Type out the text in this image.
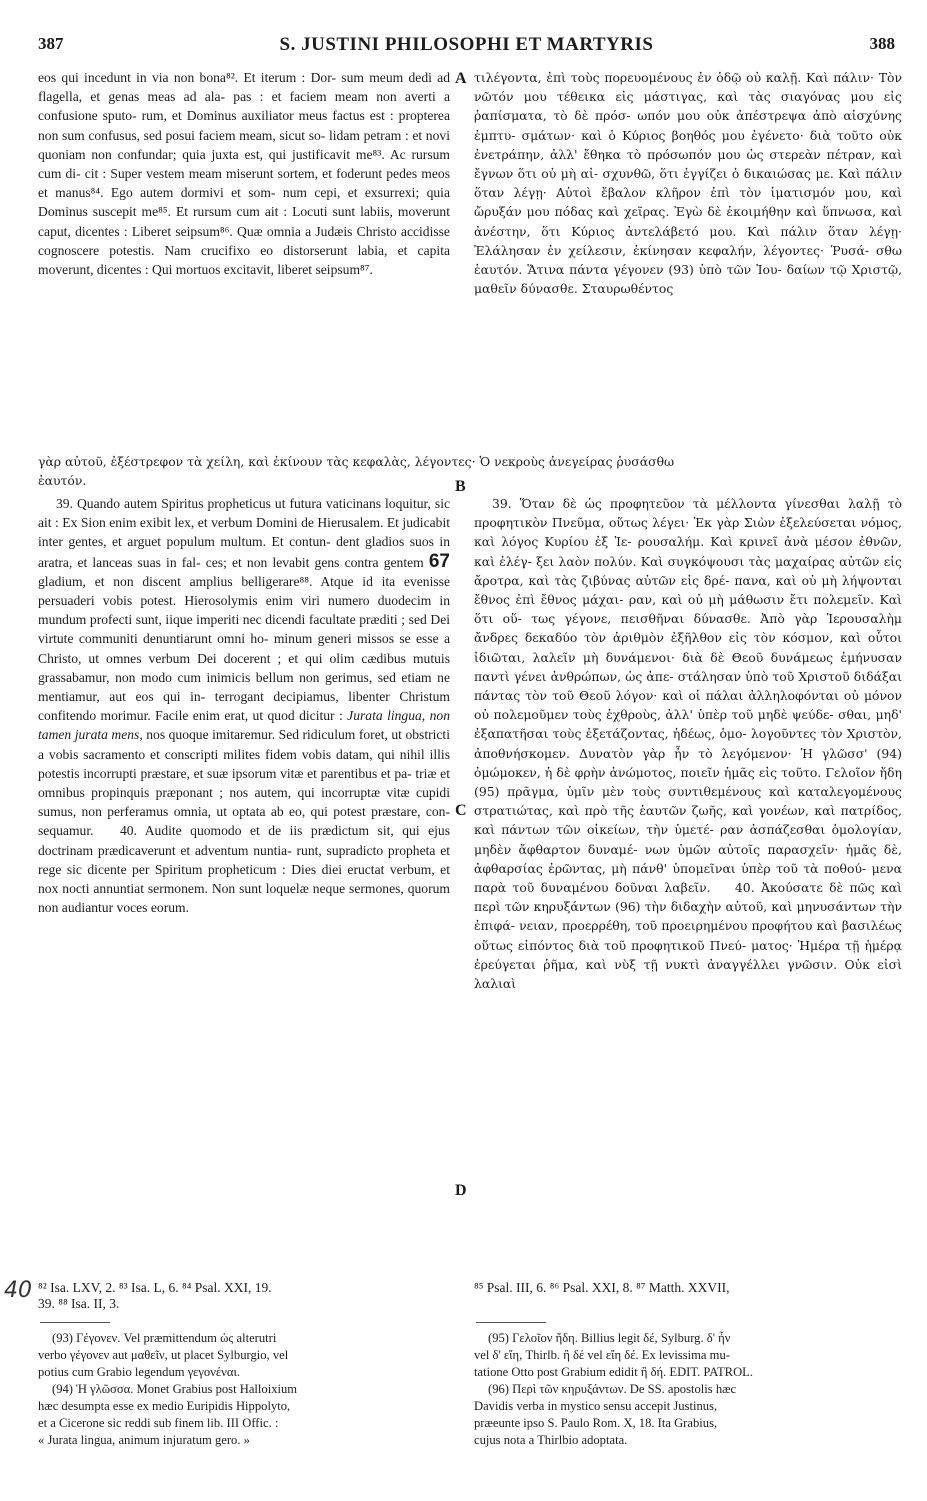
387	S. JUSTINI PHILOSOPHI ET MARTYRIS	388
A
B
C
D
eos qui incedunt in via non bona⁸². Et iterum : Dor- sum meum dedi ad flagella, et genas meas ad ala- pas : et faciem meam non averti a confusione sputo- rum, et Dominus auxiliator meus factus est : propterea non sum confusus, sed posui faciem meam, sicut so- lidam petram : et novi quoniam non confundar; quia juxta est, qui justificavit me⁸³. Ac rursum cum di- cit : Super vestem meam miserunt sortem, et foderunt pedes meos et manus⁸⁴. Ego autem dormivi et som- num cepi, et exsurrexi; quia Dominus suscepit me⁸⁵. Et rursum cum ait : Locuti sunt labiis, moverunt caput, dicentes : Liberet seipsum⁸⁶. Quæ omnia a Judæis Christo accidisse cognoscere potestis. Nam crucifixo eo distorserunt labia, et capita moverunt, dicentes : Qui mortuos excitavit, liberet seipsum⁸⁷.
τιλέγοντα, ἐπὶ τοὺς πορευομένους ἐν ὁδῷ οὐ καλῇ. Καὶ πάλιν· Τὸν νῶτόν μου τέθεικα εἰς μάστιγας, καὶ τὰς σιαγόνας μου εἰς ῥαπίσματα, τὸ δὲ πρόσ- ωπόν μου οὐκ ἀπέστρεψα ἀπὸ αἰσχύνης ἐμπτυ- σμάτων· καὶ ὁ Κύριος βοηθός μου ἐγένετο· διὰ τοῦτο οὐκ ἐνετράπην, ἀλλ' ἔθηκα τὸ πρόσωπόν μου ὡς στερεὰν πέτραν, καὶ ἔγνων ὅτι οὐ μὴ αἰ- σχυνθῶ, ὅτι ἐγγίζει ὁ δικαιώσας με. Καὶ πάλιν ὅταν λέγῃ· Αὐτοὶ ἔβαλον κλῆρον ἐπὶ τὸν ἱματισμόν μου, καὶ ὤρυξάν μου πόδας καὶ χεῖρας. Ἐγὼ δὲ ἐκοιμήθην καὶ ὕπνωσα, καὶ ἀνέστην, ὅτι Κύριος ἀντελάβετό μου. Καὶ πάλιν ὅταν λέγῃ· Ἐλάλησαν ἐν χείλεσιν, ἐκίνησαν κεφαλήν, λέγοντες· Ῥυσά- σθω ἑαυτόν. Ἅτινα πάντα γέγονεν (93) ὑπὸ τῶν Ἰου- δαίων τῷ Χριστῷ, μαθεῖν δύνασθε. Σταυρωθέντος
γὰρ αὐτοῦ, ἐξέστρεφον τὰ χείλη, καὶ ἐκίνουν τὰς κεφαλὰς, λέγοντες· Ὁ νεκροὺς ἀνεγείρας ῥυσάσθω
ἑαυτόν.
39. Quando autem Spiritus propheticus ut futura vaticinans loquitur, sic ait : Ex Sion enim exibit lex, et verbum Domini de Hierusalem. Et judicabit inter gentes, et arguet populum multum. Et contun- dent gladios suos in aratra, et lanceas suas in fal- ces; et non levabit gens contra gentem 67 gladium, et non discent amplius belligerare⁸⁸. Atque id ita evenisse persuaderi vobis potest. Hierosolymis enim viri numero duodecim in mundum profecti sunt, iique imperiti nec dicendi facultate præditi ; sed Dei virtute communiti denuntiarunt omni ho- minum generi missos se esse a Christo, ut omnes verbum Dei docerent ; et qui olim cædibus mutuis grassabamur, non modo cum inimicis bellum non gerimus, sed etiam ne mentiamur, aut eos qui in- terrogant decipiamus, libenter Christum confitendo morimur. Facile enim erat, ut quod dicitur : Jurata lingua, non tamen jurata mens, nos quoque imitaremur. Sed ridiculum foret, ut obstricti a vobis sacramento et conscripti milites fidem vobis datam, qui nihil illis potestis incorrupti præstare, et suæ ipsorum vitæ et parentibus et pa- triæ et omnibus propinquis præponant ; nos autem, qui incorruptæ vitæ cupidi sumus, non perferamus omnia, ut optata ab eo, qui potest præstare, con- sequamur. 40. Audite quomodo et de iis prædictum sit, qui ejus doctrinam prædicaverunt et adventum nuntia- runt, supradicto propheta et rege sic dicente per Spiritum propheticum : Dies diei eructat verbum, et nox nocti annuntiat sermonem. Non sunt loquelæ neque sermones, quorum non audiantur voces eorum.
39. Ὅταν δὲ ὡς προφητεῦον τὰ μέλλοντα γίνεσθαι λαλῇ τὸ προφητικὸν Πνεῦμα, οὕτως λέγει· Ἐκ γὰρ Σιὼν ἐξελεύσεται νόμος, καὶ λόγος Κυρίου ἐξ Ἰε- ρουσαλήμ. Καὶ κρινεῖ ἀνὰ μέσον ἐθνῶν, καὶ ἐλέγ- ξει λαὸν πολύν. Καὶ συγκόψουσι τὰς μαχαίρας αὐτῶν εἰς ἄροτρα, καὶ τὰς ζιβύνας αὐτῶν εἰς δρέ- πανα, καὶ οὐ μὴ λήψονται ἔθνος ἐπὶ ἔθνος μάχαι- ραν, καὶ οὐ μὴ μάθωσιν ἔτι πολεμεῖν. Καὶ ὅτι οὕ- τως γέγονε, πεισθῆναι δύνασθε. Ἀπὸ γὰρ Ἱερουσαλὴμ ἄνδρες δεκαδύο τὸν ἀριθμὸν ἐξῆλθον εἰς τὸν κόσμον, καὶ οὗτοι ἰδιῶται, λαλεῖν μὴ δυνάμενοι· διὰ δὲ Θεοῦ δυνάμεως ἐμήνυσαν παντὶ γένει ἀνθρώπων, ὡς ἀπε- στάλησαν ὑπὸ τοῦ Χριστοῦ διδάξαι πάντας τὸν τοῦ Θεοῦ λόγον· καὶ οἱ πάλαι ἀλληλοφόνται οὐ μόνον οὐ πολεμοῦμεν τοὺς ἐχθροὺς, ἀλλ' ὑπὲρ τοῦ μηδὲ ψεύδε- σθαι, μηδ' ἐξαπατῆσαι τοὺς ἐξετάζοντας, ἡδέως, ὁμο- λογοῦντες τὸν Χριστὸν, ἀποθνήσκομεν. Δυνατὸν γὰρ ἦν τὸ λεγόμενον· Ἡ γλῶσσ' (94) ὀμώμοκεν, ἡ δὲ φρὴν ἀνώμοτος, ποιεῖν ἡμᾶς εἰς τοῦτο. Γελοῖον ἤδη (95) πρᾶγμα, ὑμῖν μὲν τοὺς συντιθεμένους καὶ καταλεγομένους στρατιώτας, καὶ πρὸ τῆς ἑαυτῶν ζωῆς, καὶ γονέων, καὶ πατρίδος, καὶ πάντων τῶν οἰκείων, τὴν ὑμετέ- ραν ἀσπάζεσθαι ὁμολογίαν, μηδὲν ἄφθαρτον δυναμέ- νων ὑμῶν αὐτοῖς παρασχεῖν· ἡμᾶς δὲ, ἀφθαρσίας ἐρῶντας, μὴ πάνθ' ὑπομεῖναι ὑπὲρ τοῦ τὰ ποθού- μενα παρὰ τοῦ δυναμένου δοῦναι λαβεῖν. 40. Ἀκούσατε δὲ πῶς καὶ περὶ τῶν κηρυξάντων (96) τὴν διδαχὴν αὐτοῦ, καὶ μηνυσάντων τὴν ἐπιφά- νειαν, προερρέθη, τοῦ προειρημένου προφήτου καὶ βασιλέως οὕτως εἰπόντος διὰ τοῦ προφητικοῦ Πνεύ- ματος· Ἡμέρα τῇ ἡμέρᾳ ἐρεύγεται ῥῆμα, καὶ νὺξ τῇ νυκτὶ ἀναγγέλλει γνῶσιν. Οὐκ εἰσὶ λαλιαὶ
⁸² Isa. LXV, 2. ⁸³ Isa. L, 6. ⁸⁴ Psal. XXI, 19.
39. ⁸⁸ Isa. II, 3.
⁸⁵ Psal. III, 6. ⁸⁶ Psal. XXI, 8. ⁸⁷ Matth. XXVII,
40
(93) Γέγονεν. Vel præmittendum ὡς alterutri
verbo γέγονεν aut μαθεῖν, ut placet Sylburgio, vel
potius cum Grabio legendum γεγονέναι.
(94) Ἡ γλῶσσα. Monet Grabius post Halloixium
hæc desumpta esse ex medio Euripidis Hippolyto,
et a Cicerone sic reddi sub finem lib. III Offic. :
« Jurata lingua, animum injuratum gero. »
(95) Γελοῖον ἤδη. Billius legit δέ, Sylburg. δ' ἦν
vel δ' εἴη, Thirlb. ἢ δέ vel εἴη δέ. Ex levissima mu-
tatione Otto post Grabium edidit ἢ δή. EDIT. PATROL.
(96) Περὶ τῶν κηρυξάντων. De SS. apostolis hæc
Davidis verba in mystico sensu accepit Justinus,
præeunte ipso S. Paulo Rom. X, 18. Ita Grabius,
cujus nota a Thirlbio adoptata.
